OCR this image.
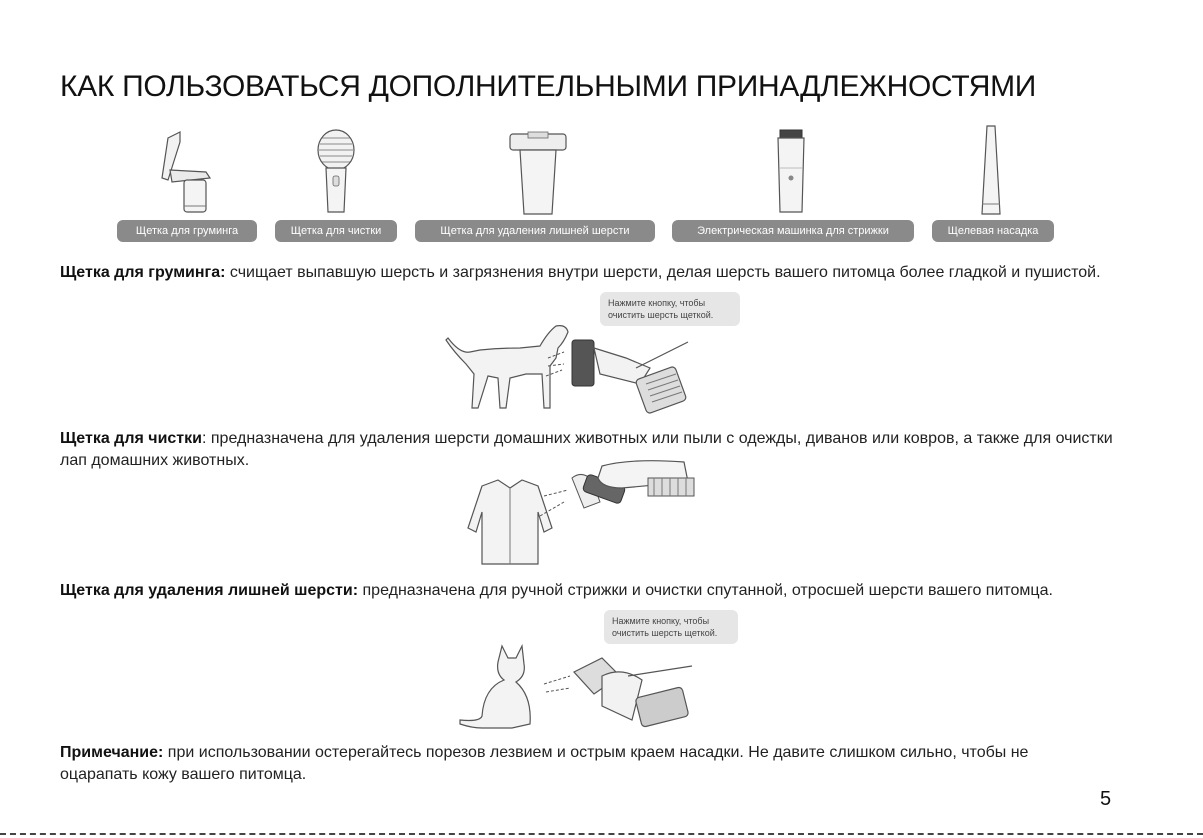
КАК ПОЛЬЗОВАТЬСЯ ДОПОЛНИТЕЛЬНЫМИ ПРИНАДЛЕЖНОСТЯМИ
Щетка для груминга	Щетка для чистки	Щетка для удаления лишней шерсти	Электрическая машинка для стрижки	Щелевая насадка

Щетка для груминга: счищает выпавшую шерсть и загрязнения внутри шерсти, делая шерсть вашего питомца более гладкой и пушистой.

Нажмите кнопку, чтобы очистить шерсть щеткой.

Щетка для чистки: предназначена для удаления шерсти домашних животных или пыли с одежды, диванов или ковров, а также для очистки лап домашних животных.

Щетка для удаления лишней шерсти: предназначена для ручной стрижки и очистки спутанной, отросшей шерсти вашего питомца.

Нажмите кнопку, чтобы очистить шерсть щеткой.

Примечание: при использовании остерегайтесь порезов лезвием и острым краем насадки. Не давите слишком сильно, чтобы не оцарапать кожу вашего питомца.

5
